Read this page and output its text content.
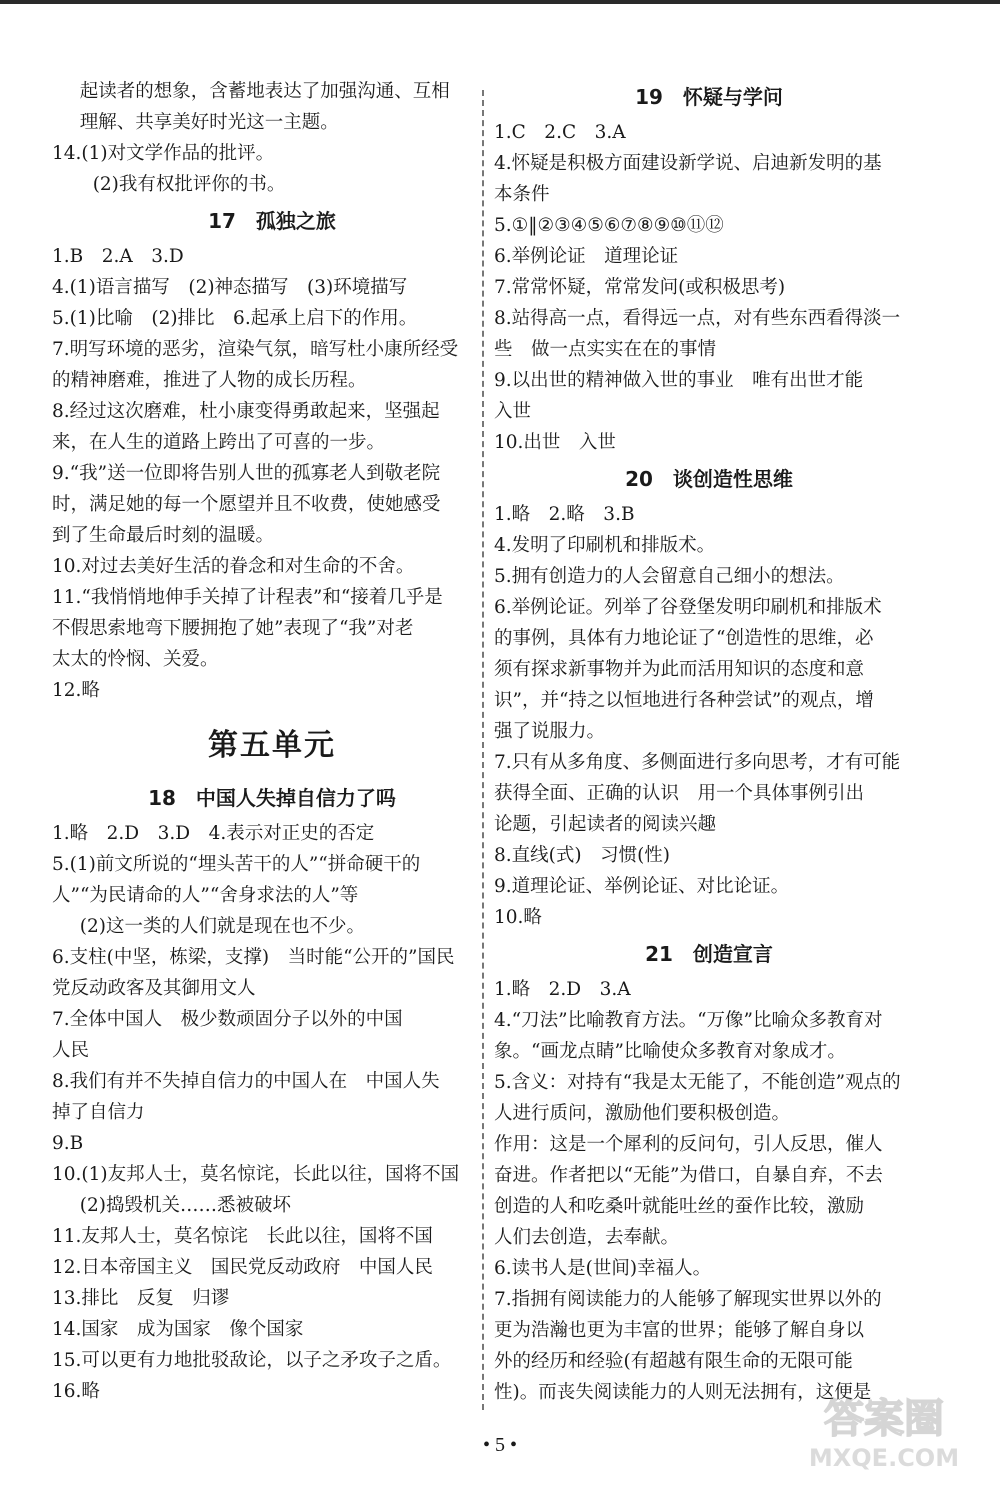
起读者的想象，含蓄地表达了加强沟通、互相
理解、共享美好时光这一主题。
14.(1)对文学作品的批评。
(2)我有权批评你的书。
17　孤独之旅
1.B　2.A　3.D
4.(1)语言描写　(2)神态描写　(3)环境描写
5.(1)比喻　(2)排比　6.起承上启下的作用。
7.明写环境的恶劣，渲染气氛，暗写杜小康所经受
的精神磨难，推进了人物的成长历程。
8.经过这次磨难，杜小康变得勇敢起来，坚强起
来，在人生的道路上跨出了可喜的一步。
9.“我”送一位即将告别人世的孤寡老人到敬老院
时，满足她的每一个愿望并且不收费，使她感受
到了生命最后时刻的温暖。
10.对过去美好生活的眷念和对生命的不舍。
11.“我悄悄地伸手关掉了计程表”和“接着几乎是
不假思索地弯下腰拥抱了她”表现了“我”对老
太太的怜悯、关爱。
12.略
第五单元
18　中国人失掉自信力了吗
1.略　2.D　3.D　4.表示对正史的否定
5.(1)前文所说的“埋头苦干的人”“拼命硬干的
人”“为民请命的人”“舍身求法的人”等
(2)这一类的人们就是现在也不少。
6.支柱(中坚，栋梁，支撑)　当时能“公开的”国民
党反动政客及其御用文人
7.全体中国人　极少数顽固分子以外的中国
人民
8.我们有并不失掉自信力的中国人在　中国人失
掉了自信力
9.B
10.(1)友邦人士，莫名惊诧，长此以往，国将不国
(2)捣毁机关……悉被破坏
11.友邦人士，莫名惊诧　长此以往，国将不国
12.日本帝国主义　国民党反动政府　中国人民
13.排比　反复　归谬
14.国家　成为国家　像个国家
15.可以更有力地批驳敌论，以子之矛攻子之盾。
16.略
19　怀疑与学问
1.C　2.C　3.A
4.怀疑是积极方面建设新学说、启迪新发明的基
本条件
5.①‖②③④⑤⑥⑦⑧⑨⑩⑪⑫
6.举例论证　道理论证
7.常常怀疑，常常发问(或积极思考)
8.站得高一点，看得远一点，对有些东西看得淡一
些　做一点实实在在的事情
9.以出世的精神做入世的事业　唯有出世才能
入世
10.出世　入世
20　谈创造性思维
1.略　2.略　3.B
4.发明了印刷机和排版术。
5.拥有创造力的人会留意自己细小的想法。
6.举例论证。列举了谷登堡发明印刷机和排版术
的事例，具体有力地论证了“创造性的思维，必
须有探求新事物并为此而活用知识的态度和意
识”，并“持之以恒地进行各种尝试”的观点，增
强了说服力。
7.只有从多角度、多侧面进行多向思考，才有可能
获得全面、正确的认识　用一个具体事例引出
论题，引起读者的阅读兴趣
8.直线(式)　习惯(性)
9.道理论证、举例论证、对比论证。
10.略
21　创造宣言
1.略　2.D　3.A
4.“刀法”比喻教育方法。“万像”比喻众多教育对
象。“画龙点睛”比喻使众多教育对象成才。
5.含义：对持有“我是太无能了，不能创造”观点的
人进行质问，激励他们要积极创造。
作用：这是一个犀利的反问句，引人反思，催人
奋进。作者把以“无能”为借口，自暴自弃，不去
创造的人和吃桑叶就能吐丝的蚕作比较，激励
人们去创造，去奉献。
6.读书人是(世间)幸福人。
7.指拥有阅读能力的人能够了解现实世界以外的
更为浩瀚也更为丰富的世界；能够了解自身以
外的经历和经验(有超越有限生命的无限可能
性)。而丧失阅读能力的人则无法拥有，这便是
• 5 •
答案圈
MXQE.COM
